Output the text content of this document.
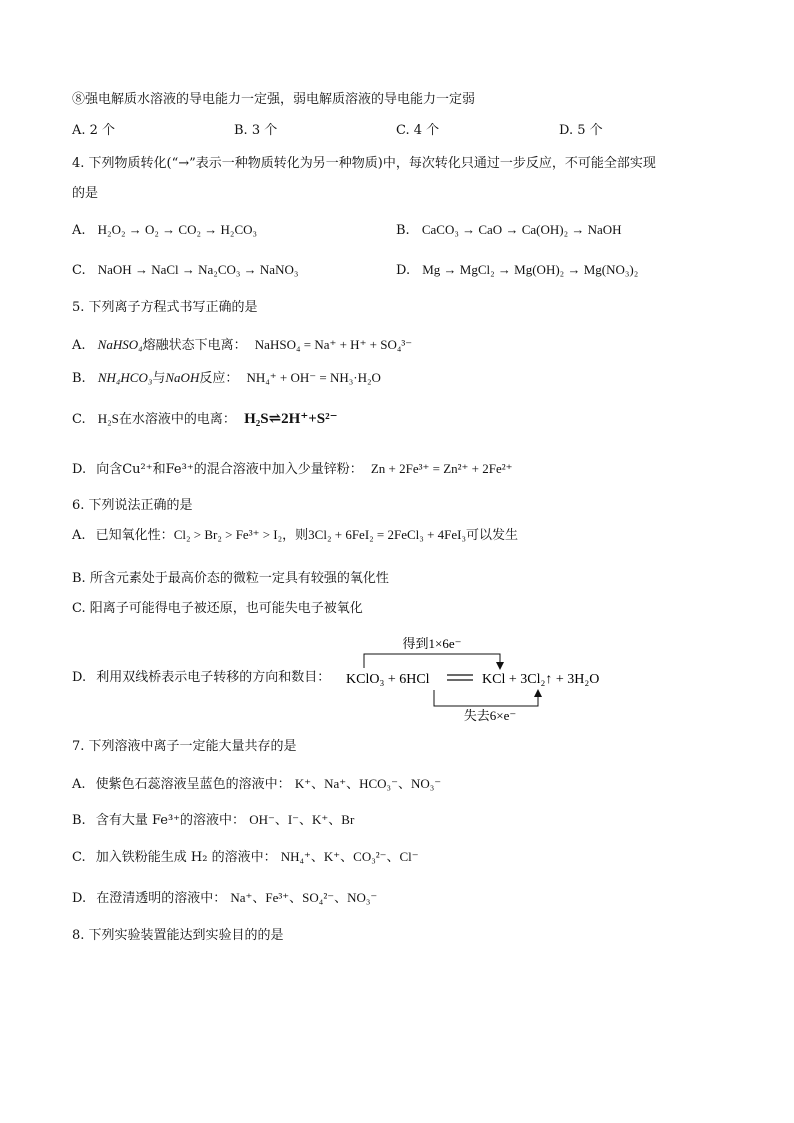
⑧强电解质水溶液的导电能力一定强，弱电解质溶液的导电能力一定弱
A. 2 个	B. 3 个	C. 4 个	D. 5 个
4. 下列物质转化(“→”表示一种物质转化为另一种物质)中，每次转化只通过一步反应，不可能全部实现
的是
A. H₂O₂ → O₂ → CO₂ → H₂CO₃	B. CaCO₃ → CaO → Ca(OH)₂ → NaOH
C. NaOH → NaCl → Na₂CO₃ → NaNO₃	D. Mg → MgCl₂ → Mg(OH)₂ → Mg(NO₃)₂
5. 下列离子方程式书写正确的是
A. NaHSO₄熔融状态下电离： NaHSO₄ = Na⁺ + H⁺ + SO₄³⁻
B. NH₄HCO₃与NaOH反应： NH₄⁺ + OH⁻ = NH₃·H₂O
C. H₂S在水溶液中的电离： H₂S⇌2H⁺+S²⁻
D. 向含Cu²⁺和Fe³⁺的混合溶液中加入少量锌粉： Zn + 2Fe³⁺ = Zn²⁺ + 2Fe²⁺
6. 下列说法正确的是
A. 已知氧化性：Cl₂ > Br₂ > Fe³⁺ > I₂，则3Cl₂ + 6FeI₂ = 2FeCl₃ + 4FeI₃可以发生
B. 所含元素处于最高价态的微粒一定具有较强的氧化性
C. 阳离子可能得电子被还原，也可能失电子被氧化
D. 利用双线桥表示电子转移的方向和数目：
得到1×6e⁻
KClO₃ + 6HCl	KCl + 3Cl₂↑ + 3H₂O
失去6×e⁻
7. 下列溶液中离子一定能大量共存的是
A. 使紫色石蕊溶液呈蓝色的溶液中： K⁺、Na⁺、HCO₃⁻、NO₃⁻
B. 含有大量 Fe³⁺的溶液中： OH⁻、I⁻、K⁺、Br
C. 加入铁粉能生成 H₂ 的溶液中： NH₄⁺、K⁺、CO₃²⁻、Cl⁻
D. 在澄清透明的溶液中： Na⁺、Fe³⁺、SO₄²⁻、NO₃⁻
8. 下列实验装置能达到实验目的的是
